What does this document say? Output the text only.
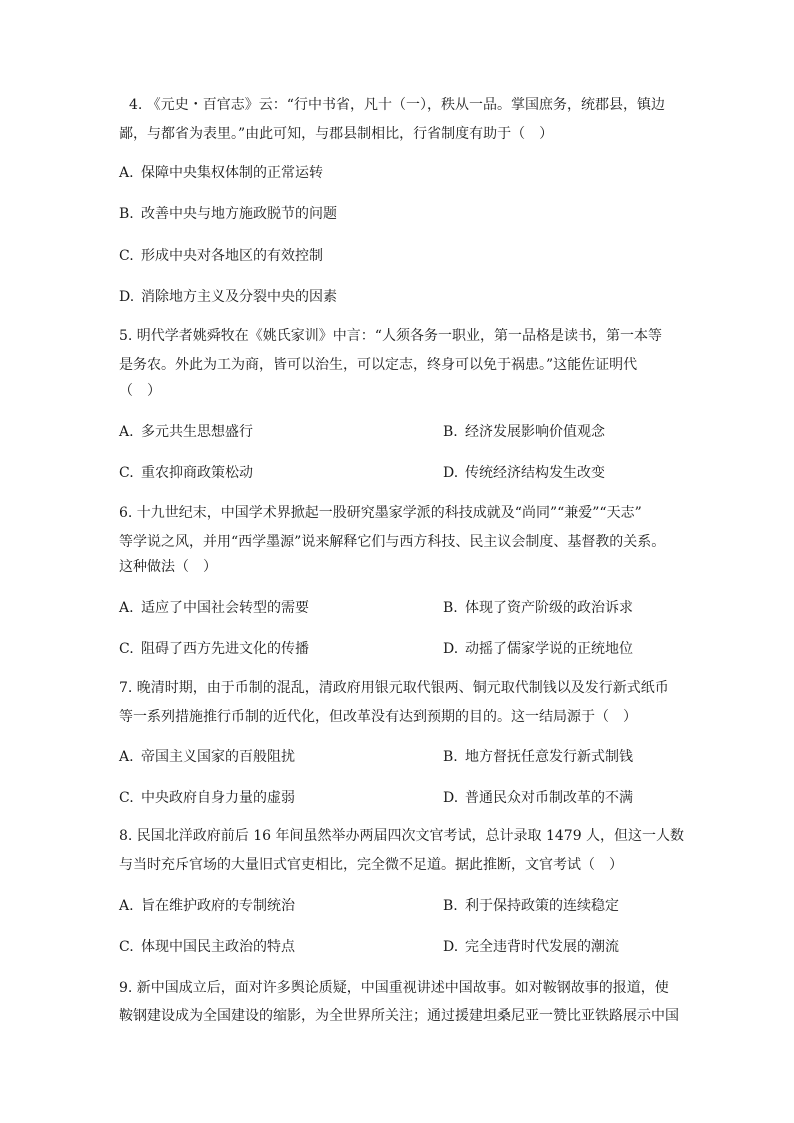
4. 《元史・百官志》云：“行中书省，凡十（一），秩从一品。掌国庶务，统郡县，镇边
鄙，与都省为表里。”由此可知，与郡县制相比，行省制度有助于（　）
A. 保障中央集权体制的正常运转
B. 改善中央与地方施政脱节的问题
C. 形成中央对各地区的有效控制
D. 消除地方主义及分裂中央的因素
5. 明代学者姚舜牧在《姚氏家训》中言：“人须各务一职业，第一品格是读书，第一本等
是务农。外此为工为商，皆可以治生，可以定志，终身可以免于祸患。”这能佐证明代
（　）
A. 多元共生思想盛行	B. 经济发展影响价值观念
C. 重农抑商政策松动	D. 传统经济结构发生改变
6. 十九世纪末，中国学术界掀起一股研究墨家学派的科技成就及“尚同”“兼爱”“天志”
等学说之风，并用“西学墨源”说来解释它们与西方科技、民主议会制度、基督教的关系。
这种做法（　）
A. 适应了中国社会转型的需要	B. 体现了资产阶级的政治诉求
C. 阻碍了西方先进文化的传播	D. 动摇了儒家学说的正统地位
7. 晚清时期，由于币制的混乱，清政府用银元取代银两、铜元取代制钱以及发行新式纸币
等一系列措施推行币制的近代化，但改革没有达到预期的目的。这一结局源于（　）
A. 帝国主义国家的百般阻扰	B. 地方督抚任意发行新式制钱
C. 中央政府自身力量的虚弱	D. 普通民众对币制改革的不满
8. 民国北洋政府前后 16 年间虽然举办两届四次文官考试，总计录取 1479 人，但这一人数
与当时充斥官场的大量旧式官吏相比，完全微不足道。据此推断，文官考试（　）
A. 旨在维护政府的专制统治	B. 利于保持政策的连续稳定
C. 体现中国民主政治的特点	D. 完全违背时代发展的潮流
9. 新中国成立后，面对许多舆论质疑，中国重视讲述中国故事。如对鞍钢故事的报道，使
鞍钢建设成为全国建设的缩影，为全世界所关注；通过援建坦桑尼亚一赞比亚铁路展示中国
